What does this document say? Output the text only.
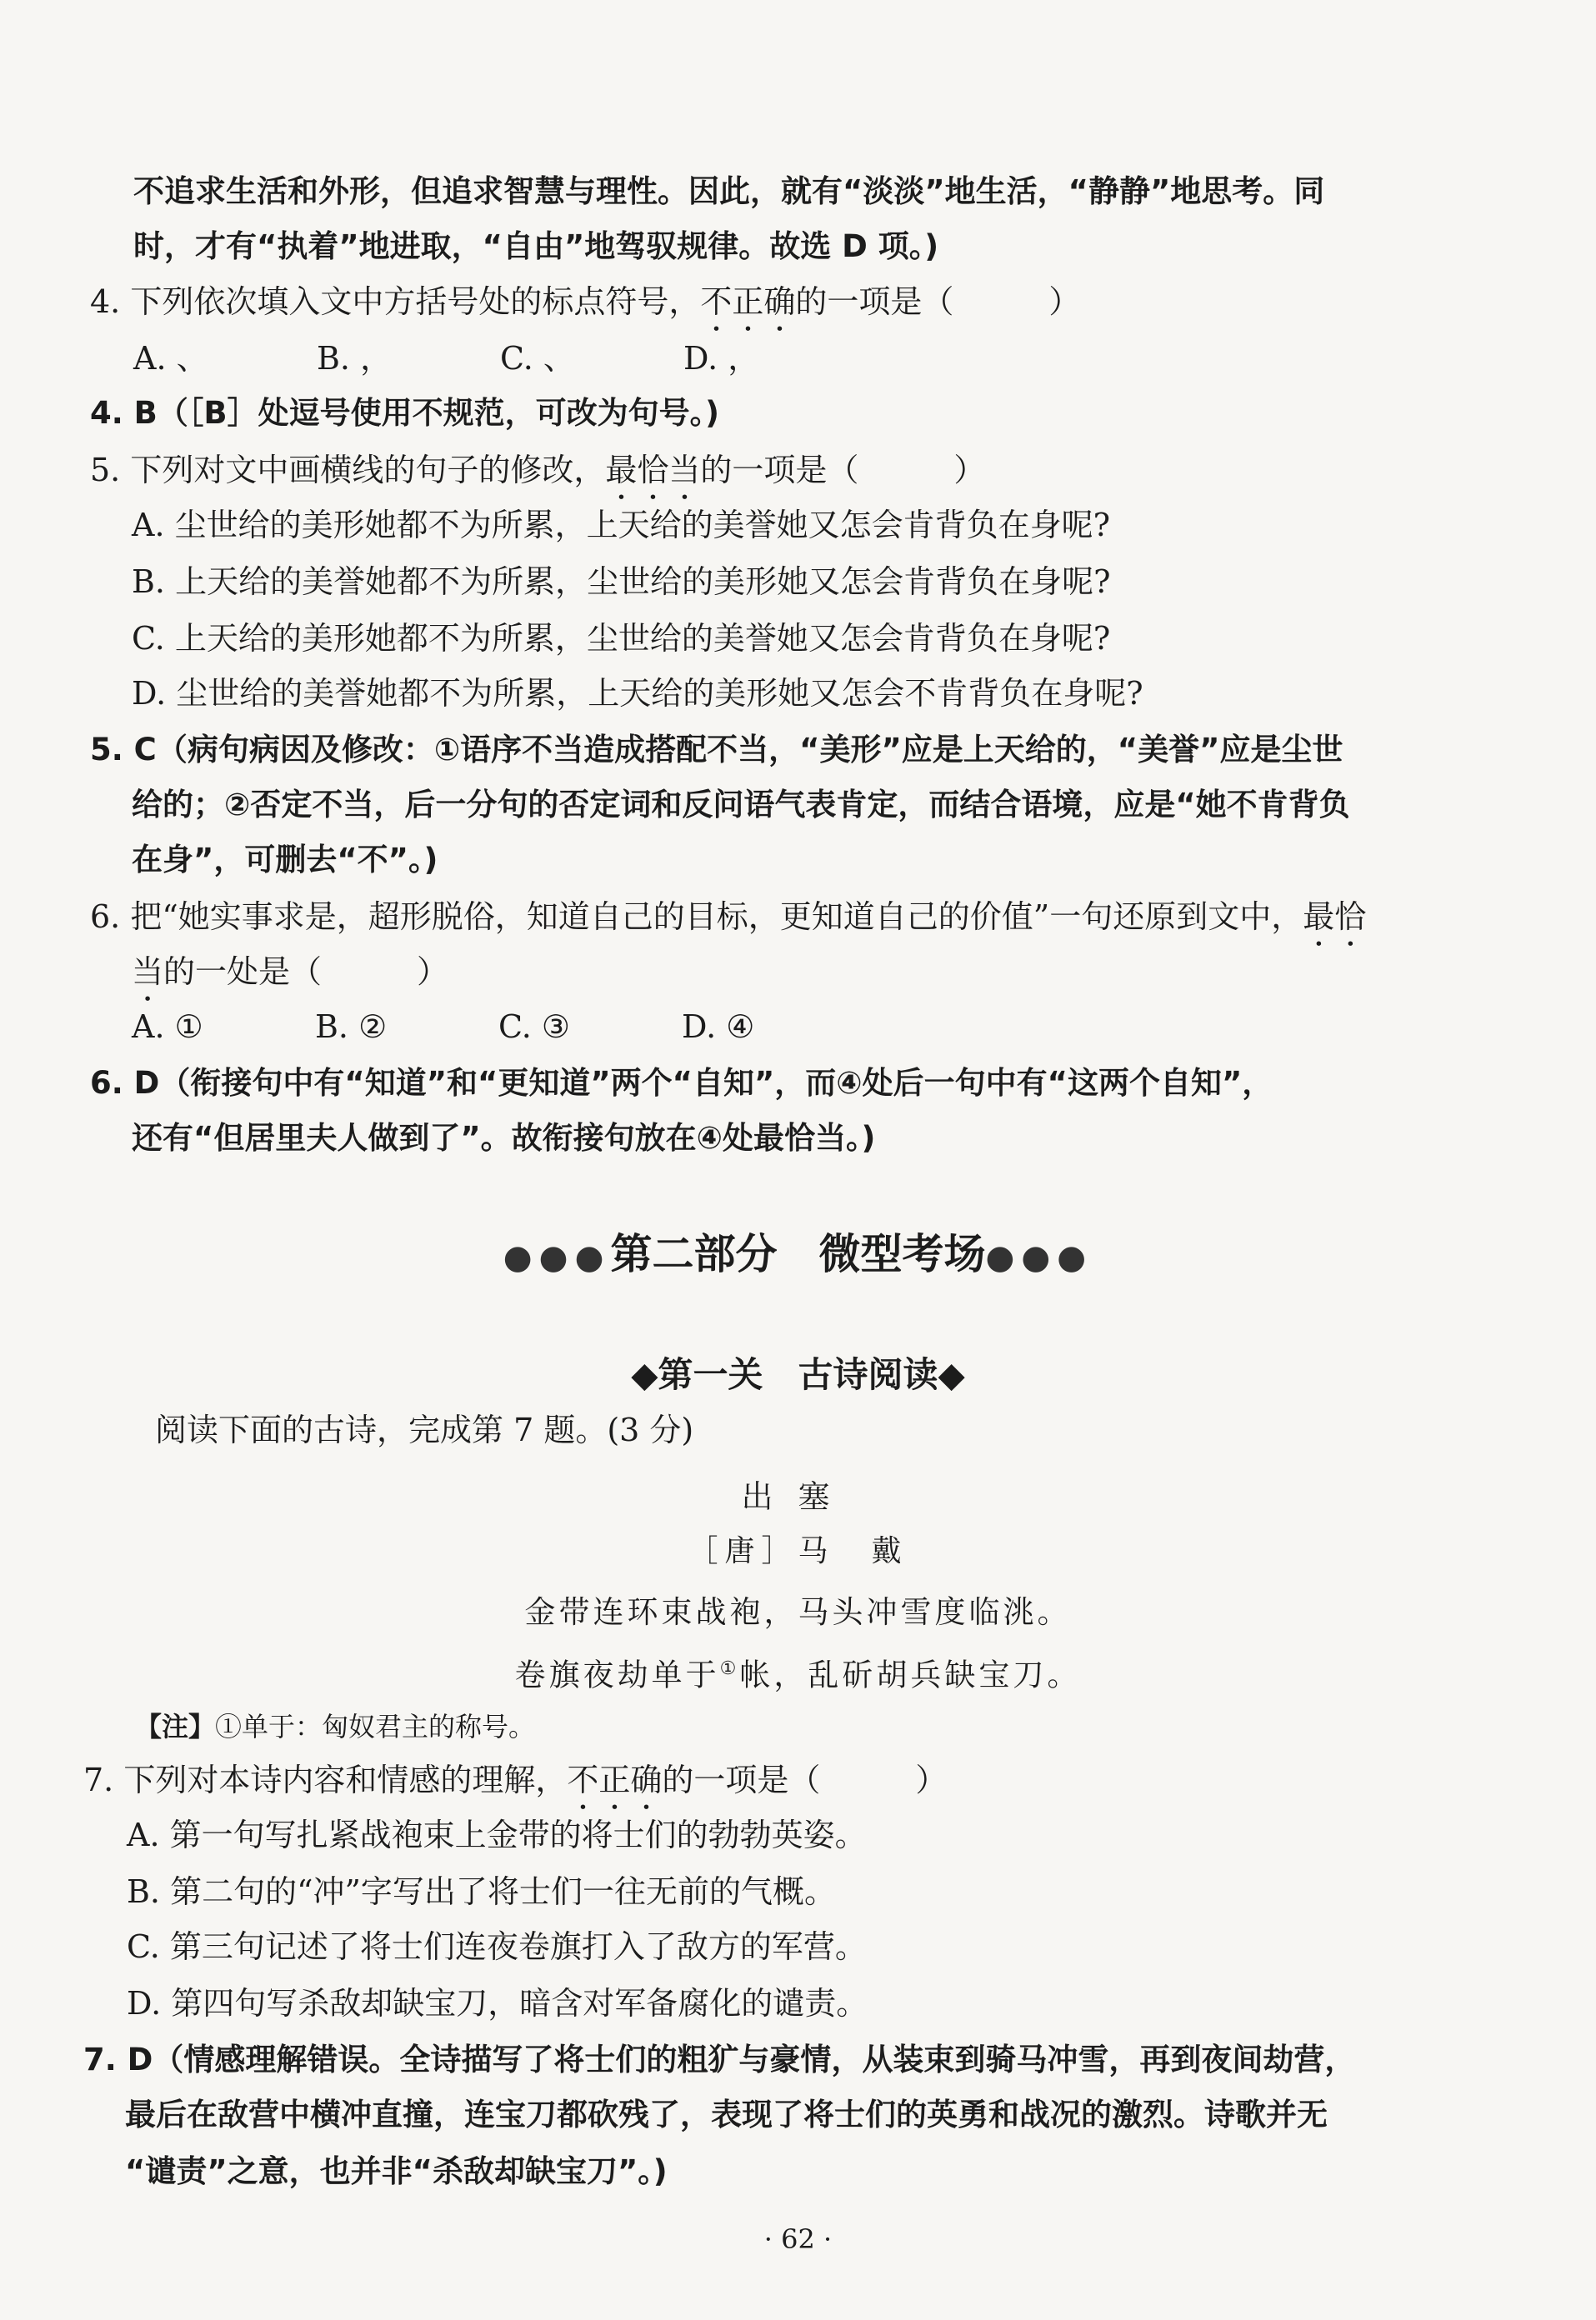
不追求生活和外形，但追求智慧与理性。因此，就有“淡淡”地生活，“静静”地思考。同
时，才有“执着”地进取，“自由”地驾驭规律。故选 D 项。)
4. 下列依次填入文中方括号处的标点符号，不正确的一项是（　　　）
A. 、	B. ，	C. 、	D. ，
4. B（［B］处逗号使用不规范，可改为句号。)
5. 下列对文中画横线的句子的修改，最恰当的一项是（　　　）
A. 尘世给的美形她都不为所累，上天给的美誉她又怎会肯背负在身呢?
B. 上天给的美誉她都不为所累，尘世给的美形她又怎会肯背负在身呢?
C. 上天给的美形她都不为所累，尘世给的美誉她又怎会肯背负在身呢?
D. 尘世给的美誉她都不为所累，上天给的美形她又怎会不肯背负在身呢?
5. C（病句病因及修改：①语序不当造成搭配不当，“美形”应是上天给的，“美誉”应是尘世
给的；②否定不当，后一分句的否定词和反问语气表肯定，而结合语境，应是“她不肯背负
在身”，可删去“不”。)
6. 把“她实事求是，超形脱俗，知道自己的目标，更知道自己的价值”一句还原到文中，最恰
当的一处是（　　　）
A. ①	B. ②	C. ③	D. ④
6. D（衔接句中有“知道”和“更知道”两个“自知”，而④处后一句中有“这两个自知”，
还有“但居里夫人做到了”。故衔接句放在④处最恰当。)
●●●第二部分　微型考场●●●
◆第一关　古诗阅读◆
阅读下面的古诗，完成第 7 题。(3 分)
出塞
［唐］马　戴
金带连环束战袍，马头冲雪度临洮。
卷旗夜劫单于①帐，乱斫胡兵缺宝刀。
【注】①单于：匈奴君主的称号。
7. 下列对本诗内容和情感的理解，不正确的一项是（　　　）
A. 第一句写扎紧战袍束上金带的将士们的勃勃英姿。
B. 第二句的“冲”字写出了将士们一往无前的气概。
C. 第三句记述了将士们连夜卷旗打入了敌方的军营。
D. 第四句写杀敌却缺宝刀，暗含对军备腐化的谴责。
7. D（情感理解错误。全诗描写了将士们的粗犷与豪情，从装束到骑马冲雪，再到夜间劫营，
最后在敌营中横冲直撞，连宝刀都砍残了，表现了将士们的英勇和战况的激烈。诗歌并无
“谴责”之意，也并非“杀敌却缺宝刀”。)
· 62 ·
